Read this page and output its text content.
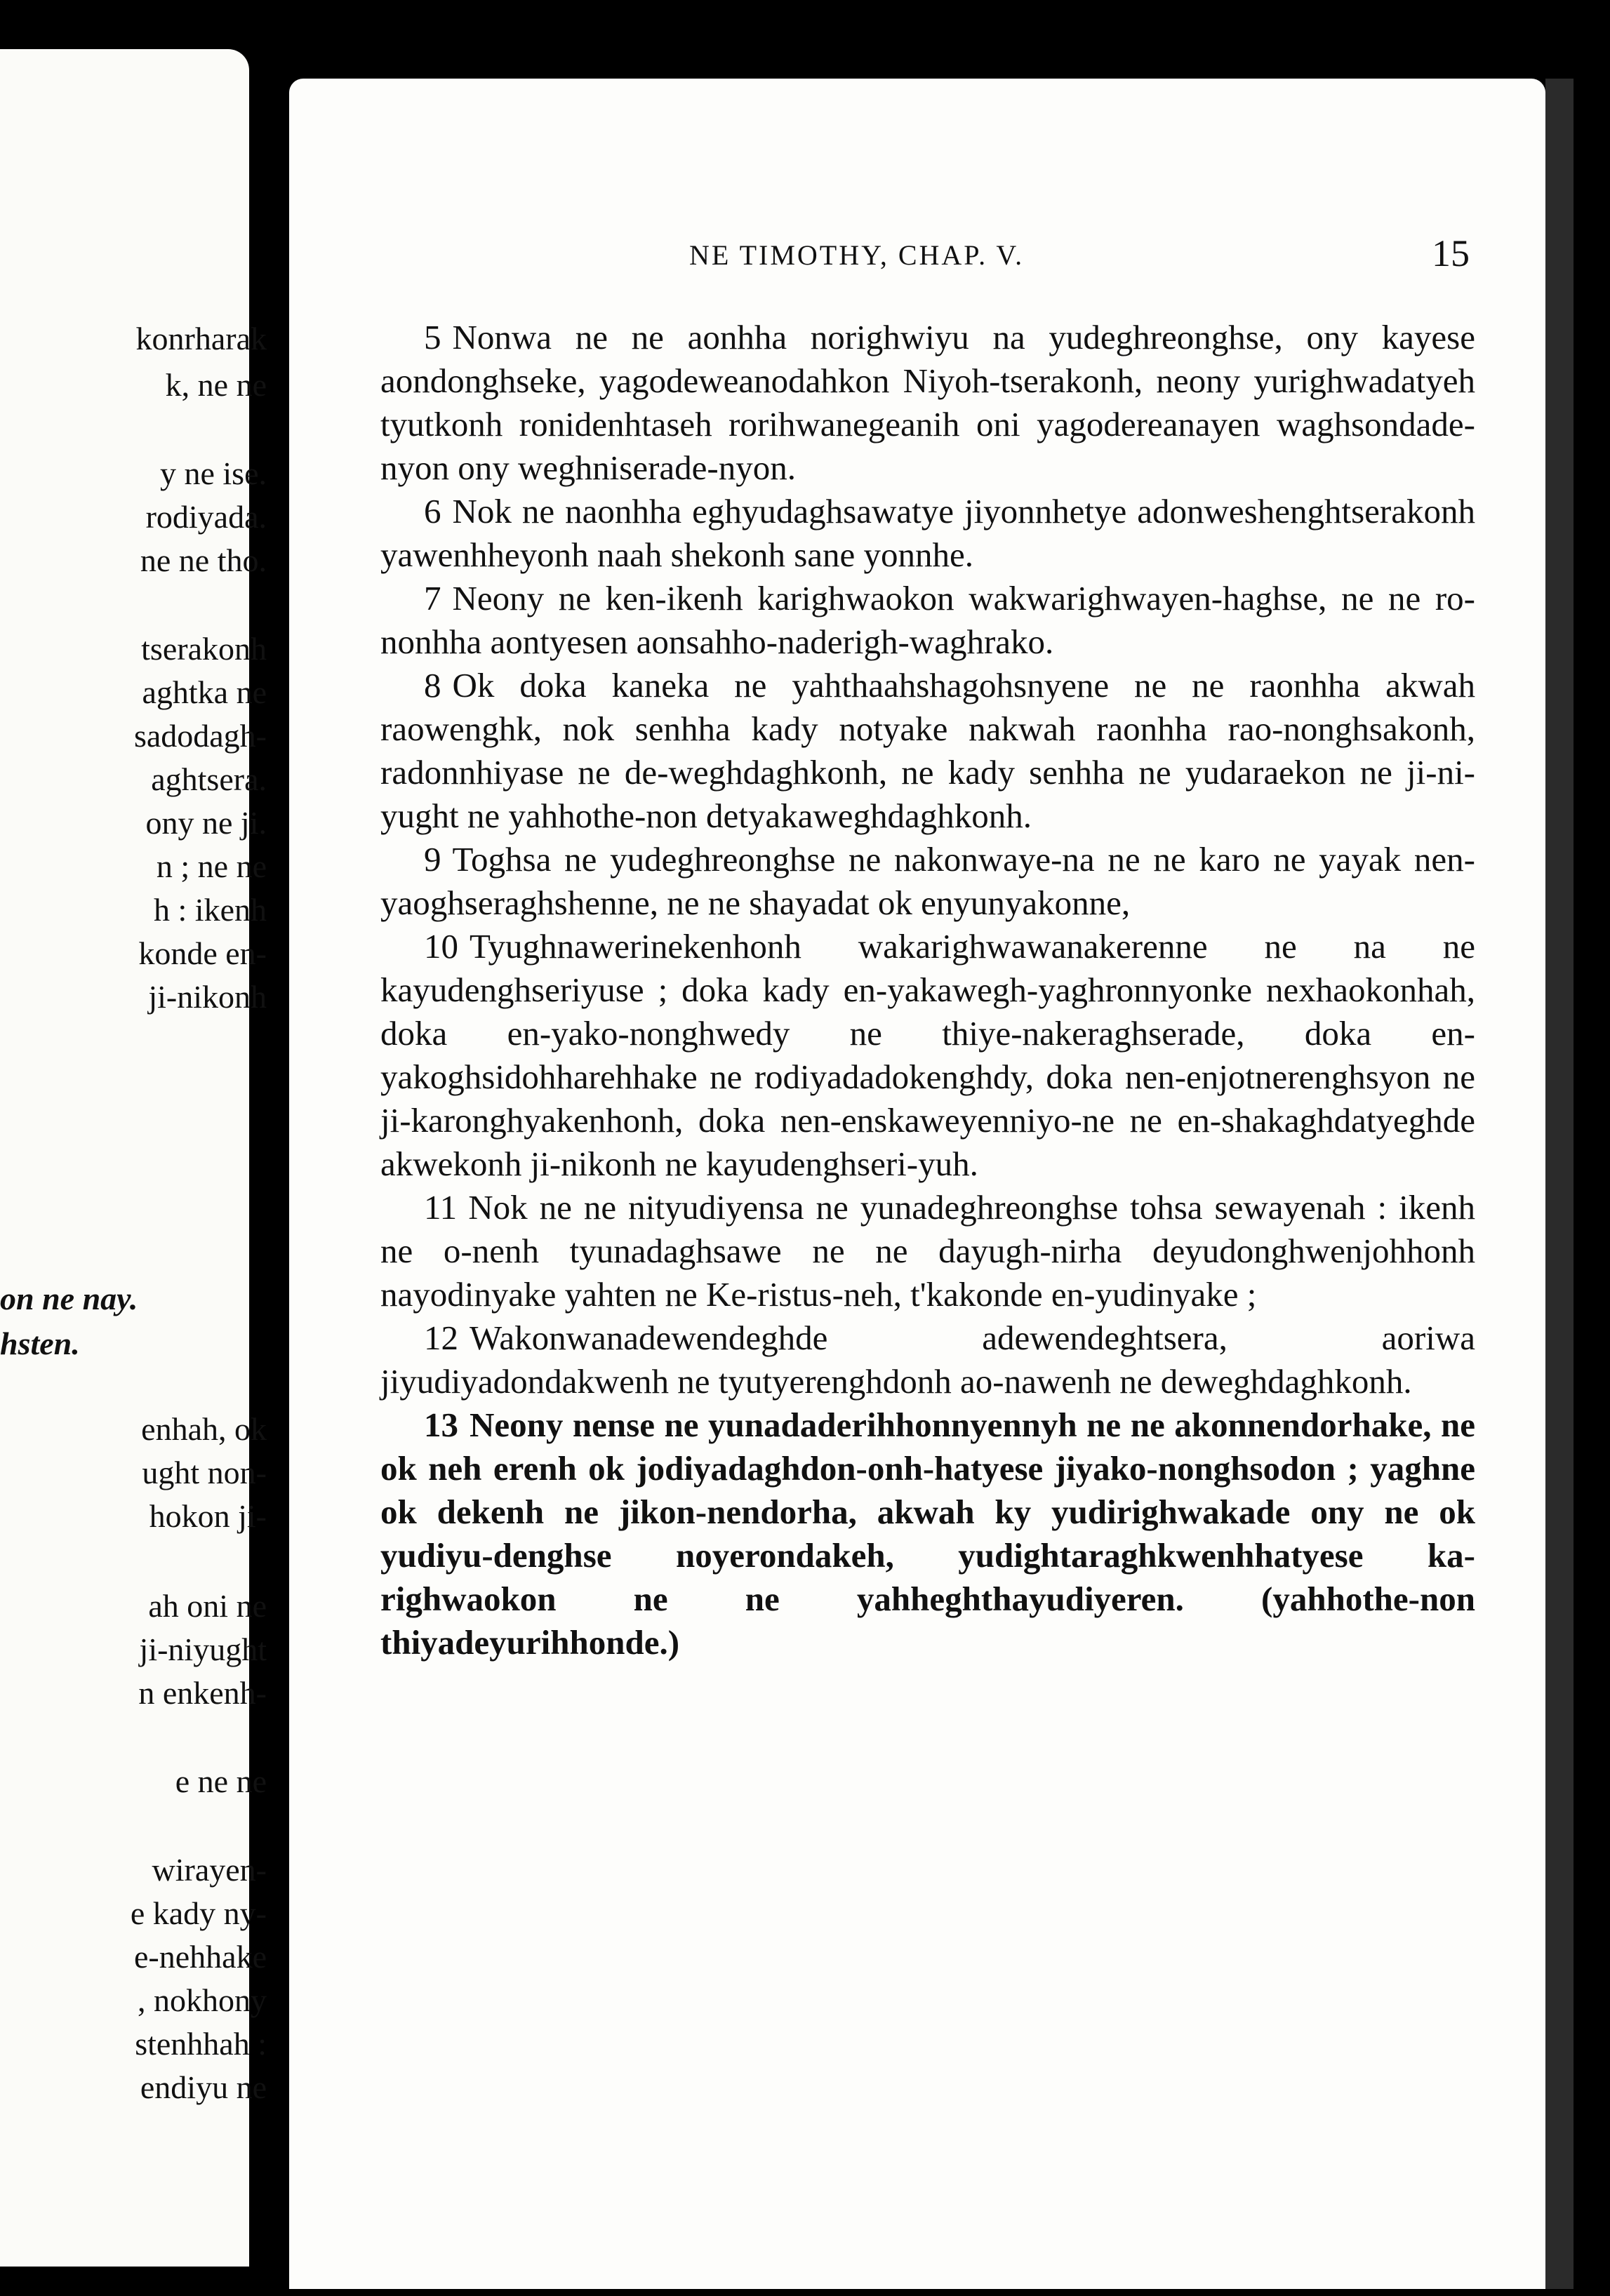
konrharak
k, ne ne
y ne ise.
rodiyada.
ne ne tho.
tserakonh
aghtka ne
sadodagh-
aghtsera.
ony ne ji.
n ; ne ne
h : ikenh
konde en-
ji-nikonh
on ne nay.
hsten.
enhah, ok
ught non-
hokon ji-
ah oni ne
ji-niyught
n enkenh-
e ne ne
wirayen-
e kady ny-
e-nehhake
, nokhony
stenhhah :
endiyu ne
NE TIMOTHY, CHAP. V.	15

5 Nonwa ne ne aonhha norighwiyu na yudeghreonghse, ony kayese aondonghseke, yagodeweanodahkon Niyoh-tserakonh, neony yurighwadatyeh tyutkonh ronidenhtaseh rorihwanegeanih oni yagodereanayen waghsondade-nyon ony weghniserade-nyon.

6 Nok ne naonhha eghyudaghsawatye jiyonnhetye adonweshenghtserakonh yawenhheyonh naah shekonh sane yonnhe.

7 Neony ne ken-ikenh karighwaokon wakwarighwayen-haghse, ne ne ro-nonhha aontyesen aonsahho-naderigh-waghrako.

8 Ok doka kaneka ne yahthaahshagohsnyene ne ne raonhha akwah raowenghk, nok senhha kady notyake nakwah raonhha rao-nonghsakonh, radonnhiyase ne de-weghdaghkonh, ne kady senhha ne yudaraekon ne ji-ni-yught ne yahhothe-non detyakaweghdaghkonh.

9 Toghsa ne yudeghreonghse ne nakonwaye-na ne ne karo ne yayak nen-yaoghseraghshenne, ne ne shayadat ok enyunyakonne,

10 Tyughnawerinekenhonh wakarighwawanakerenne ne na ne kayudenghseriyuse ; doka kady en-yakawegh-yaghronnyonke nexhaokonhah, doka en-yako-nonghwedy ne thiye-nakeraghserade, doka en-yakoghsidohharehhake ne rodiyadadokenghdy, doka nen-enjotnerenghsyon ne ji-karonghyakenhonh, doka nen-enskaweyenniyo-ne ne en-shakaghdatyeghde akwekonh ji-nikonh ne kayudenghseri-yuh.

11 Nok ne ne nityudiyensa ne yunadeghreonghse tohsa sewayenah : ikenh ne o-nenh tyunadaghsawe ne ne dayugh-nirha deyudonghwenjohhonh nayodinyake yahten ne Ke-ristus-neh, t'kakonde en-yudinyake ;

12 Wakonwanadewendeghde adewendeghtsera, aoriwa jiyudiyadondakwenh ne tyutyerenghdonh ao-nawenh ne deweghdaghkonh.

13 Neony nense ne yunadaderihhonnyennyh ne ne akonnendorhake, ne ok neh erenh ok jodiyadaghdon-onh-hatyese jiyako-nonghsodon ; yaghne ok dekenh ne jikon-nendorha, akwah ky yudirighwakade ony ne ok yudiyu-denghse noyerondakeh, yudightaraghkwenhhatyese ka-righwaokon ne ne yahheghthayudiyeren. (yahhothe-non thiyadeyurihhonde.)
